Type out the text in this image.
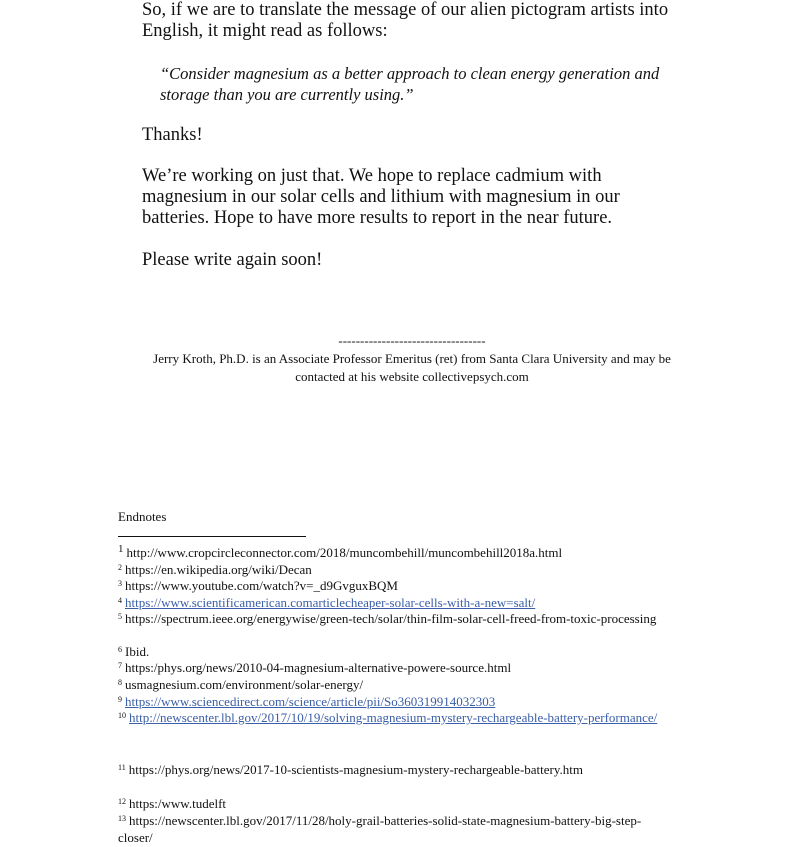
So, if we are to translate the message of our alien pictogram artists into English, it might read as follows:

“Consider magnesium as a better approach to clean energy generation and storage than you are currently using.”

Thanks!

We’re working on just that. We hope to replace cadmium with magnesium in our solar cells and lithium with magnesium in our batteries. Hope to have more results to report in the near future.

Please write again soon!

----------------------------------
Jerry Kroth, Ph.D. is an Associate Professor Emeritus (ret) from Santa Clara University and may be contacted at his website collectivepsych.com
Endnotes
$^1$ http://www.cropcircleconnector.com/2018/muncombehill/muncombehill2018a.html
$^2$ https://en.wikipedia.org/wiki/Decan
$^3$ https://www.youtube.com/watch?v=_d9GvguxBQM
$^4$ https://www.scientificamerican.comarticlecheaper-solar-cells-with-a-new=salt/
$^5$ https://spectrum.ieee.org/energywise/green-tech/solar/thin-film-solar-cell-freed-from-toxic-processing
$^6$ Ibid.
$^7$ https:/phys.org/news/2010-04-magnesium-alternative-powere-source.html
$^8$ usmagnesium.com/environment/solar-energy/
$^9$ https://www.sciencedirect.com/science/article/pii/So360319914032303
$^{10}$ http://newscenter.lbl.gov/2017/10/19/solving-magnesium-mystery-rechargeable-battery-performance/
$^{11}$ https://phys.org/news/2017-10-scientists-magnesium-mystery-rechargeable-battery.htm
$^{12}$ https:/www.tudelft
$^{13}$ https://newscenter.lbl.gov/2017/11/28/holy-grail-batteries-solid-state-magnesium-battery-big-step-closer/
